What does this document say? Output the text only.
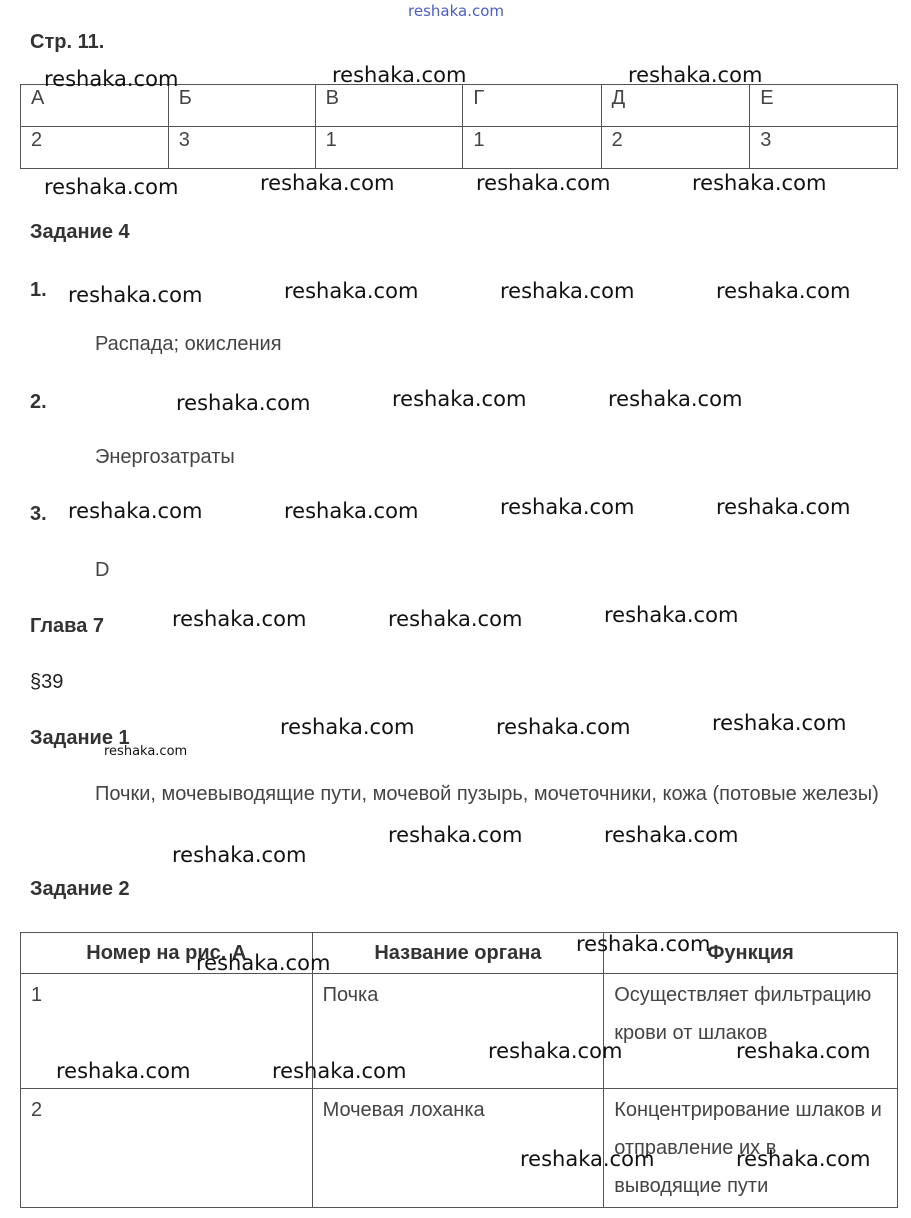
reshaka.com
Стр. 11.
А	Б	В	Г	Д	Е
2	3	1	1	2	3
Задание 4
1.
Распада; окисления
2.
Энергозатраты
3.
D
Глава 7
§39
Задание 1
Почки, мочевыводящие пути, мочевой пузырь, мочеточники, кожа (потовые железы)
Задание 2
Номер на рис. А	Название органа	Функция
1	Почка	Осуществляет фильтрацию крови от шлаков
2	Мочевая лоханка	Концентрирование шлаков и отправление их в выводящие пути
reshaka.com	reshaka.com	reshaka.com
reshaka.com	reshaka.com	reshaka.com	reshaka.com
reshaka.com	reshaka.com	reshaka.com	reshaka.com
reshaka.com	reshaka.com	reshaka.com
reshaka.com	reshaka.com	reshaka.com	reshaka.com
reshaka.com	reshaka.com	reshaka.com
reshaka.com	reshaka.com	reshaka.com
reshaka.com
reshaka.com	reshaka.com
reshaka.com
reshaka.com
reshaka.com
reshaka.com	reshaka.com
reshaka.com	reshaka.com
reshaka.com	reshaka.com
